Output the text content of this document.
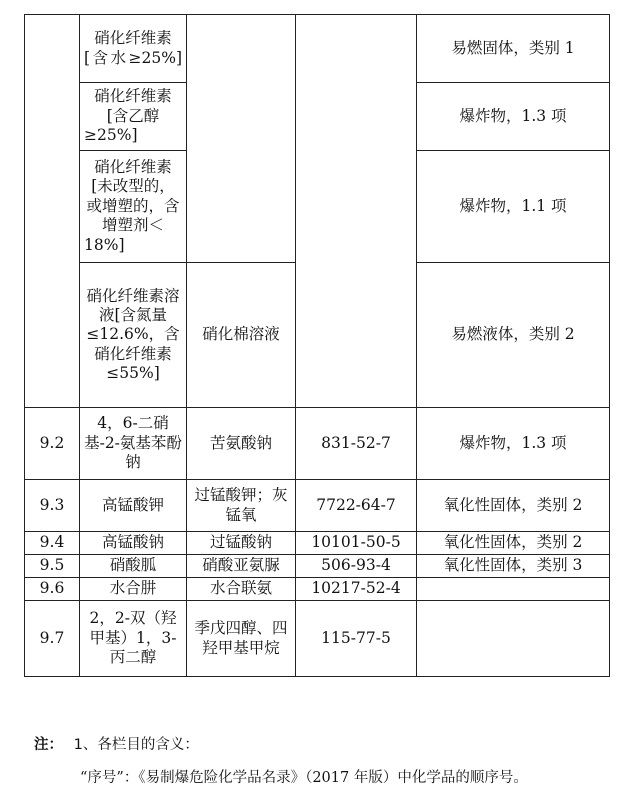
	硝化纤维素[含水≥25%]			易燃固体，类别 1
	硝化纤维素[含乙醇≥25%]			爆炸物，1.3 项
	硝化纤维素[未改型的，或增塑的，含增塑剂＜18%]			爆炸物，1.1 项
	硝化纤维素溶液[含氮量≤12.6%，含硝化纤维素≤55%]	硝化棉溶液		易燃液体，类别 2
9.2	4，6-二硝基-2-氨基苯酚钠	苦氨酸钠	831-52-7	爆炸物，1.3 项
9.3	高锰酸钾	过锰酸钾；灰锰氧	7722-64-7	氧化性固体，类别 2
9.4	高锰酸钠	过锰酸钠	10101-50-5	氧化性固体，类别 2
9.5	硝酸胍	硝酸亚氨脲	506-93-4	氧化性固体，类别 3
9.6	水合肼	水合联氨	10217-52-4	
9.7	2，2-双（羟甲基）1，3-丙二醇	季戊四醇、四羟甲基甲烷	115-77-5	
注： 1、各栏目的含义：
“序号”：《易制爆危险化学品名录》（2017 年版）中化学品的顺序号。
